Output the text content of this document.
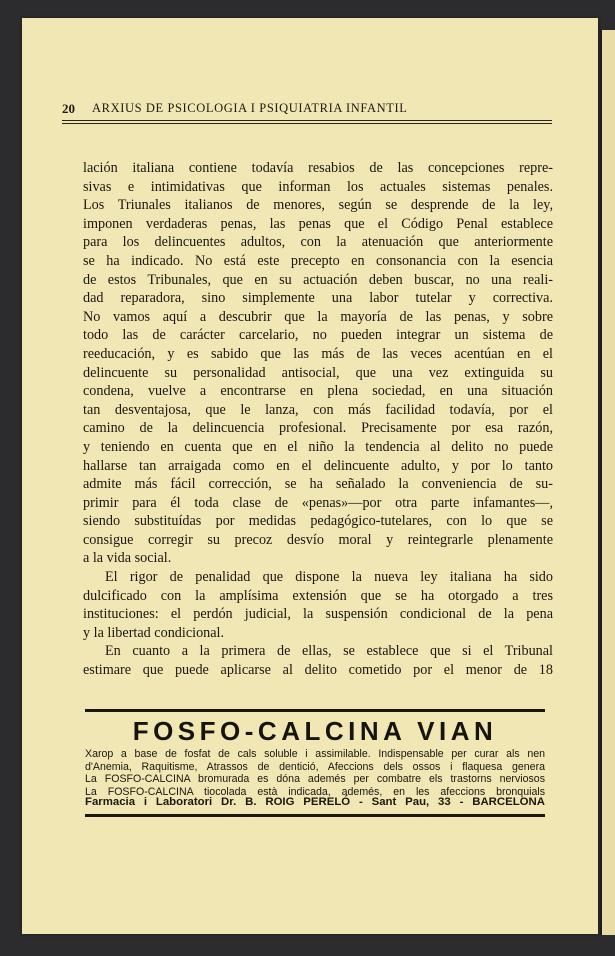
20 ARXIUS DE PSICOLOGIA I PSIQUIATRIA INFANTIL
lación italiana contiene todavía resabios de las concepciones repre-
sivas e intimidativas que informan los actuales sistemas penales.
Los Triunales italianos de menores, según se desprende de la ley,
imponen verdaderas penas, las penas que el Código Penal establece
para los delincuentes adultos, con la atenuación que anteriormente
se ha indicado. No está este precepto en consonancia con la esencia
de estos Tribunales, que en su actuación deben buscar, no una reali-
dad reparadora, sino simplemente una labor tutelar y correctiva.
No vamos aquí a descubrir que la mayoría de las penas, y sobre
todo las de carácter carcelario, no pueden integrar un sistema de
reeducación, y es sabido que las más de las veces acentúan en el
delincuente su personalidad antisocial, que una vez extinguida su
condena, vuelve a encontrarse en plena sociedad, en una situación
tan desventajosa, que le lanza, con más facilidad todavía, por el
camino de la delincuencia profesional. Precisamente por esa razón,
y teniendo en cuenta que en el niño la tendencia al delito no puede
hallarse tan arraigada como en el delincuente adulto, y por lo tanto
admite más fácil corrección, se ha señalado la conveniencia de su-
primir para él toda clase de «penas»—por otra parte infamantes—,
siendo substituídas por medidas pedagógico-tutelares, con lo que se
consigue corregir su precoz desvío moral y reintegrarle plenamente
a la vida social.
El rigor de penalidad que dispone la nueva ley italiana ha sido
dulcificado con la amplísima extensión que se ha otorgado a tres
instituciones: el perdón judicial, la suspensión condicional de la pena
y la libertad condicional.
En cuanto a la primera de ellas, se establece que si el Tribunal
estimare que puede aplicarse al delito cometido por el menor de 18
FOSFO-CALCINA VIAN
Xarop a base de fosfat de cals soluble i assimilable. Indispensable per curar als nen
d'Anemia, Raquitisme, Atrassos de dentició, Afeccions dels ossos i flaquesa genera
La FOSFO-CALCINA bromurada es dóna ademés per combatre els trastorns nerviosos
La FOSFO-CALCINA tiocolada està indicada, ademés, en les afeccions bronquials
Farmacia i Laboratori Dr. B. ROIG PERELÓ - Sant Pau, 33 - BARCELONA
